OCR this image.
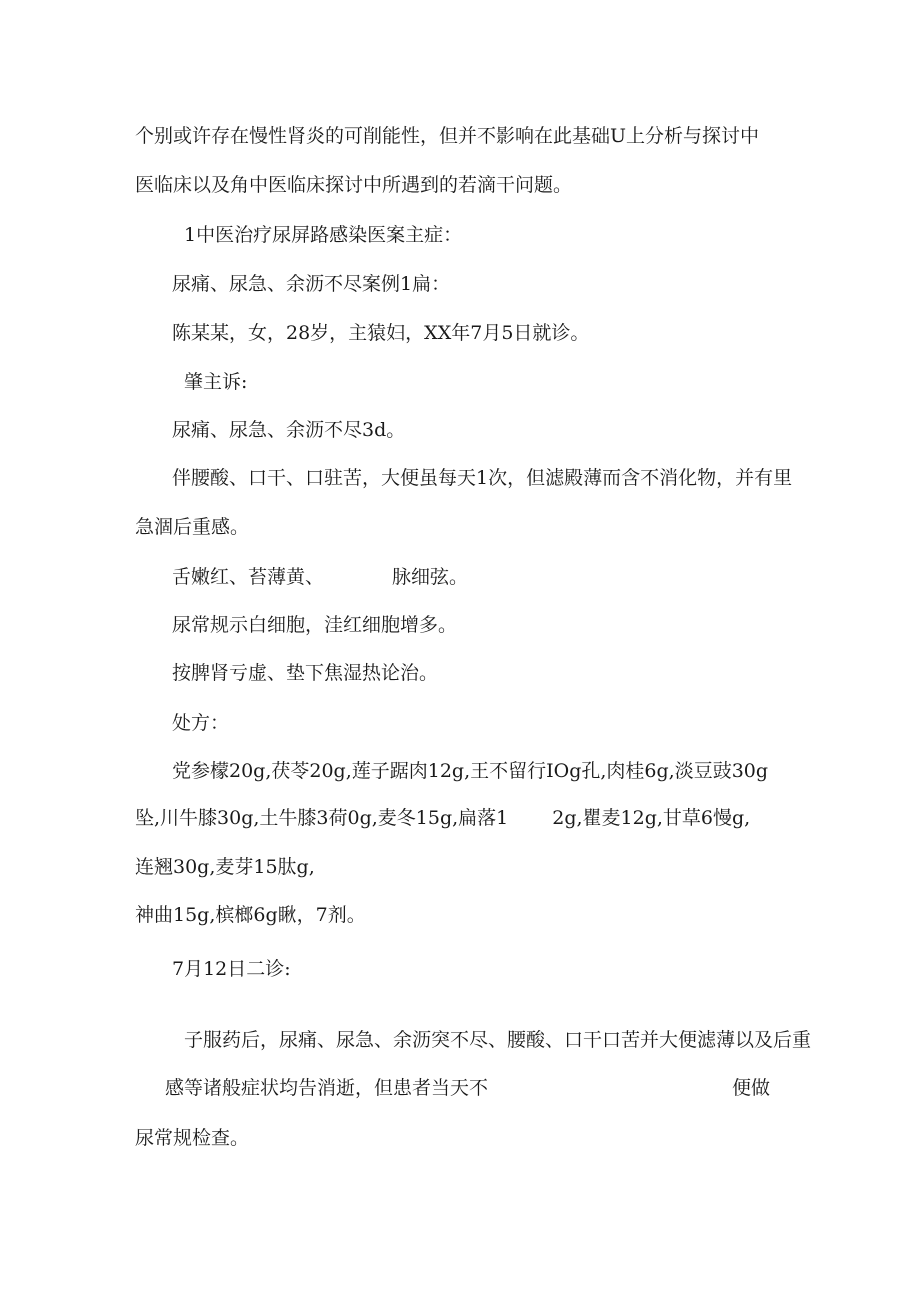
个别或许存在慢性肾炎的可削能性，但并不影响在此基础U上分析与探讨中
医临床以及角中医临床探讨中所遇到的若滴干问题。
1中医治疗尿屏路感染医案主症：
尿痛、尿急、余沥不尽案例1扁：
陈某某，女，28岁，主猿妇，XX年7月5日就诊。
肇主诉:
尿痛、尿急、余沥不尽3d。
伴腰酸、口干、口驻苦，大便虽每天1次，但滤殿薄而含不消化物，并有里
急涸后重感。
舌嫩红、苔薄黄、	脉细弦。
尿常规示白细胞，洼红细胞增多。
按脾肾亏虚、垫下焦湿热论治。
处方：
党参檬20g,茯苓20g,莲子踞肉12g,王不留行IOg孔,肉桂6g,淡豆豉30g
坠,川牛膝30g,土牛膝3荷0g,麦冬15g,扁落1 2g,瞿麦12g,甘草6慢g,
连翘30g,麦芽15肽g,
神曲15g,槟榔6g瞅，7剂。
7月12日二诊:
子服药后，尿痛、尿急、余沥突不尽、腰酸、口干口苦并大便滤薄以及后重
感等诸般症状均告消逝，但患者当天不	便做
尿常规检查。
